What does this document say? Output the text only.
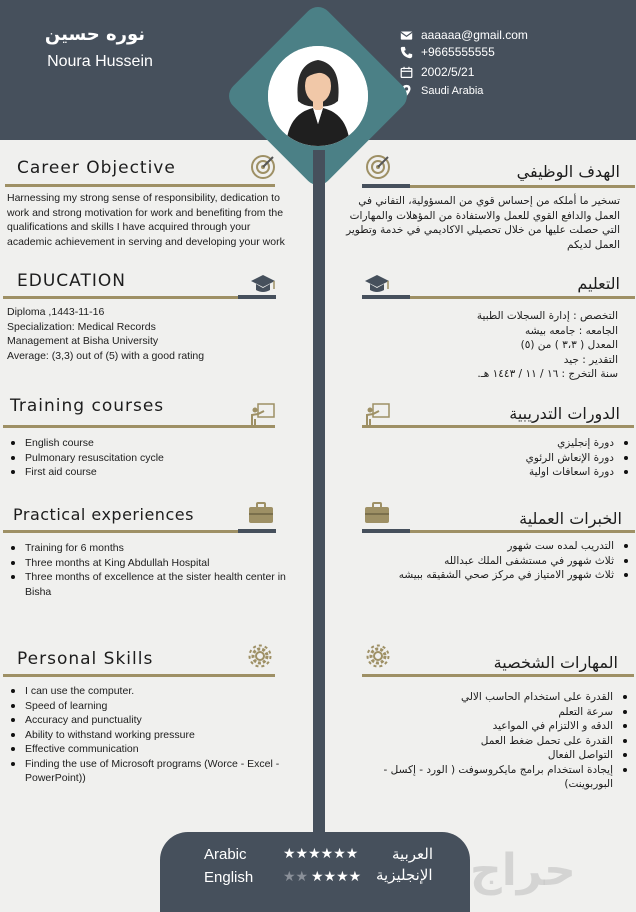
نوره حسين
Noura Hussein
aaaaaa@gmail.com
+9665555555
2002/5/21
Saudi Arabia
Career Objective
Harnessing my strong sense of responsibility, dedication to work and strong motivation for work and benefiting from the qualifications and skills I have acquired through your academic achievement in serving and developing your work
الهدف الوظيفي
تسخير ما أملكه من إحساس قوي من المسؤولية، التفاني في العمل والدافع القوي للعمل والاستفادة من المؤهلات والمهارات التي حصلت عليها من خلال تحصيلي الاكاديمي في خدمة وتطوير العمل لديكم
EDUCATION
Diploma ,1443-11-16
Specialization: Medical Records
Management at Bisha University
Average: (3,3) out of (5) with a good rating
التعليم
التخصص : إدارة السجلات الطبية
الجامعه : جامعه بيشه
المعدل ( ٣،٣ ) من (٥)
التقدير : جيد
سنة التخرج : ١٦ / ١١ / ١٤٤٣ هـ.
Training courses
English course
Pulmonary resuscitation cycle
First aid course
الدورات التدريبية
دورة إنجليزي
دورة الإنعاش الرئوي
دورة اسعافات اولية
Practical experiences
Training for 6 months
Three months at King Abdullah Hospital
Three months of excellence at the sister health center in Bisha
الخبرات العملية
التدريب لمده ست شهور
ثلاث شهور في مستشفى الملك عبدالله
ثلاث شهور الامتياز في مركز صحي الشقيقه ببيشه
Personal Skills
I can use the computer.
Speed of learning
Accuracy and punctuality
Ability to withstand working pressure
Effective communication
Finding the use of Microsoft programs (Worce - Excel - PowerPoint))
المهارات الشخصية
القدرة على استخدام الحاسب الالي
سرعة التعلم
الدقه و الالتزام في المواعيد
القدرة على تحمل ضغط العمل
التواصل الفعال
إيجادة استخدام برامج مايكروسوفت ( الورد - إكسل - البوربوينت)
Arabic	★★★★★★ العربية
English ★★ ★★★★ الإنجليزية حراج
